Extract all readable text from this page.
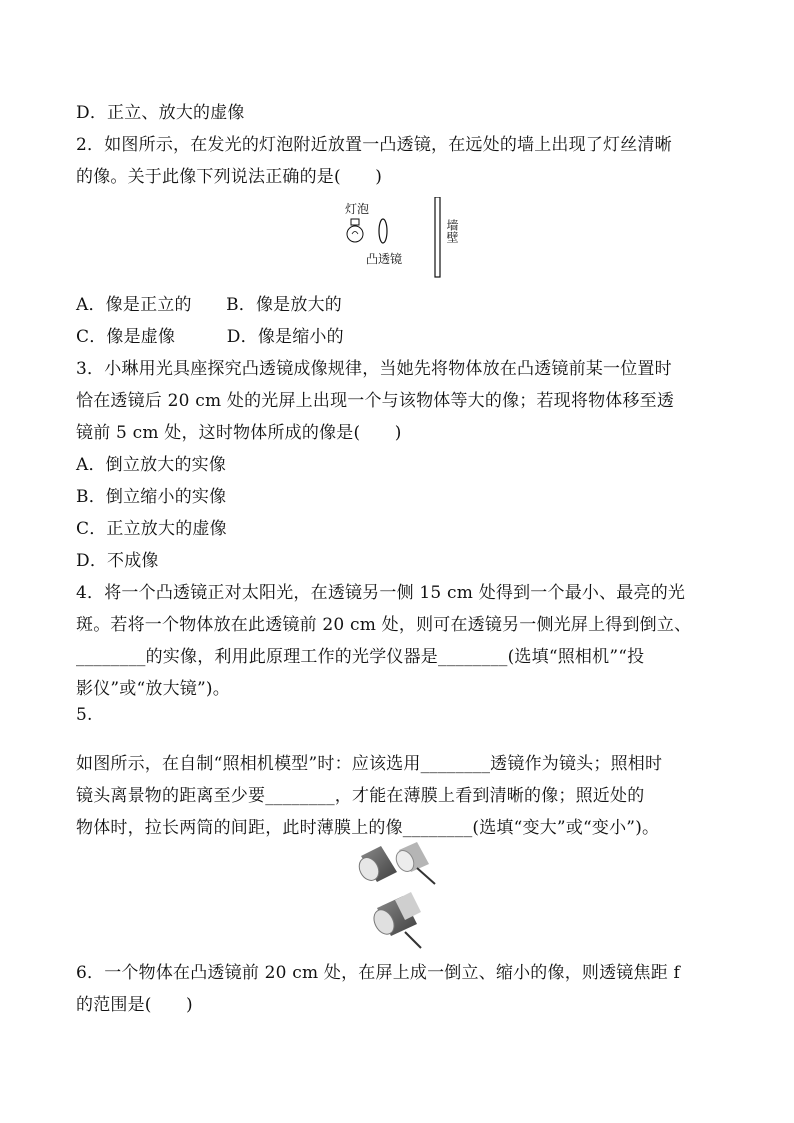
D．正立、放大的虚像
2．如图所示，在发光的灯泡附近放置一凸透镜，在远处的墙上出现了灯丝清晰
的像。关于此像下列说法正确的是(　　)
灯泡
凸透镜
墙壁
A．像是正立的　　B．像是放大的
C．像是虚像　　　D．像是缩小的
3．小琳用光具座探究凸透镜成像规律，当她先将物体放在凸透镜前某一位置时
恰在透镜后 20 cm 处的光屏上出现一个与该物体等大的像；若现将物体移至透
镜前 5 cm 处，这时物体所成的像是(　　)
A．倒立放大的实像
B．倒立缩小的实像
C．正立放大的虚像
D．不成像
4．将一个凸透镜正对太阳光，在透镜另一侧 15 cm 处得到一个最小、最亮的光
斑。若将一个物体放在此透镜前 20 cm 处，则可在透镜另一侧光屏上得到倒立、
________的实像，利用此原理工作的光学仪器是________(选填“照相机”“投
影仪”或“放大镜”)。
5.
如图所示，在自制“照相机模型”时：应该选用________透镜作为镜头；照相时
镜头离景物的距离至少要________，才能在薄膜上看到清晰的像；照近处的
物体时，拉长两筒的间距，此时薄膜上的像________(选填“变大”或“变小”)。
6．一个物体在凸透镜前 20 cm 处，在屏上成一倒立、缩小的像，则透镜焦距 f
的范围是(　　)
